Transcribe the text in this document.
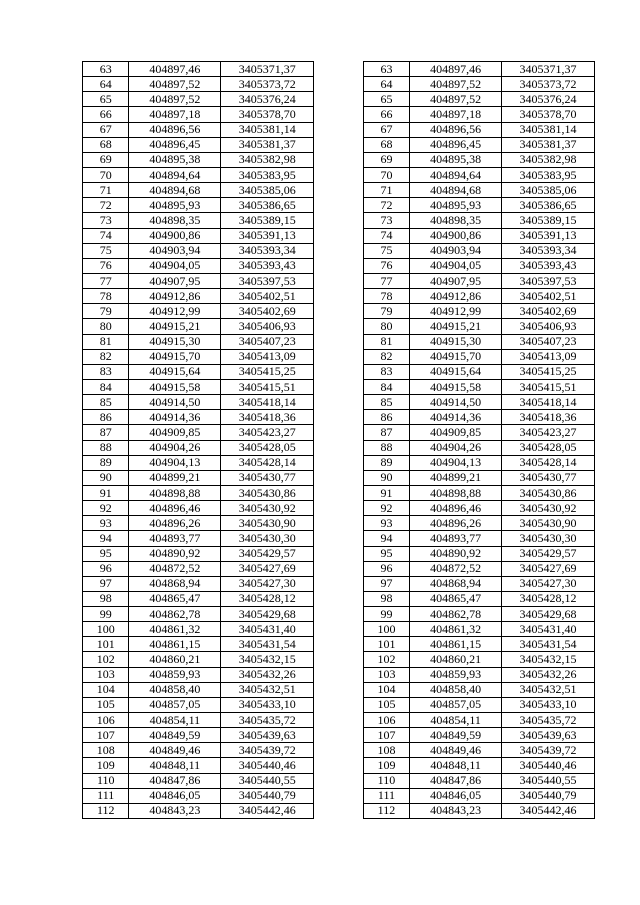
63	404897,46	3405371,37		63	404897,46	3405371,37
64	404897,52	3405373,72		64	404897,52	3405373,72
65	404897,52	3405376,24		65	404897,52	3405376,24
66	404897,18	3405378,70		66	404897,18	3405378,70
67	404896,56	3405381,14		67	404896,56	3405381,14
68	404896,45	3405381,37		68	404896,45	3405381,37
69	404895,38	3405382,98		69	404895,38	3405382,98
70	404894,64	3405383,95		70	404894,64	3405383,95
71	404894,68	3405385,06		71	404894,68	3405385,06
72	404895,93	3405386,65		72	404895,93	3405386,65
73	404898,35	3405389,15		73	404898,35	3405389,15
74	404900,86	3405391,13		74	404900,86	3405391,13
75	404903,94	3405393,34		75	404903,94	3405393,34
76	404904,05	3405393,43		76	404904,05	3405393,43
77	404907,95	3405397,53		77	404907,95	3405397,53
78	404912,86	3405402,51		78	404912,86	3405402,51
79	404912,99	3405402,69		79	404912,99	3405402,69
80	404915,21	3405406,93		80	404915,21	3405406,93
81	404915,30	3405407,23		81	404915,30	3405407,23
82	404915,70	3405413,09		82	404915,70	3405413,09
83	404915,64	3405415,25		83	404915,64	3405415,25
84	404915,58	3405415,51		84	404915,58	3405415,51
85	404914,50	3405418,14		85	404914,50	3405418,14
86	404914,36	3405418,36		86	404914,36	3405418,36
87	404909,85	3405423,27		87	404909,85	3405423,27
88	404904,26	3405428,05		88	404904,26	3405428,05
89	404904,13	3405428,14		89	404904,13	3405428,14
90	404899,21	3405430,77		90	404899,21	3405430,77
91	404898,88	3405430,86		91	404898,88	3405430,86
92	404896,46	3405430,92		92	404896,46	3405430,92
93	404896,26	3405430,90		93	404896,26	3405430,90
94	404893,77	3405430,30		94	404893,77	3405430,30
95	404890,92	3405429,57		95	404890,92	3405429,57
96	404872,52	3405427,69		96	404872,52	3405427,69
97	404868,94	3405427,30		97	404868,94	3405427,30
98	404865,47	3405428,12		98	404865,47	3405428,12
99	404862,78	3405429,68		99	404862,78	3405429,68
100	404861,32	3405431,40		100	404861,32	3405431,40
101	404861,15	3405431,54		101	404861,15	3405431,54
102	404860,21	3405432,15		102	404860,21	3405432,15
103	404859,93	3405432,26		103	404859,93	3405432,26
104	404858,40	3405432,51		104	404858,40	3405432,51
105	404857,05	3405433,10		105	404857,05	3405433,10
106	404854,11	3405435,72		106	404854,11	3405435,72
107	404849,59	3405439,63		107	404849,59	3405439,63
108	404849,46	3405439,72		108	404849,46	3405439,72
109	404848,11	3405440,46		109	404848,11	3405440,46
110	404847,86	3405440,55		110	404847,86	3405440,55
111	404846,05	3405440,79		111	404846,05	3405440,79
112	404843,23	3405442,46		112	404843,23	3405442,46
